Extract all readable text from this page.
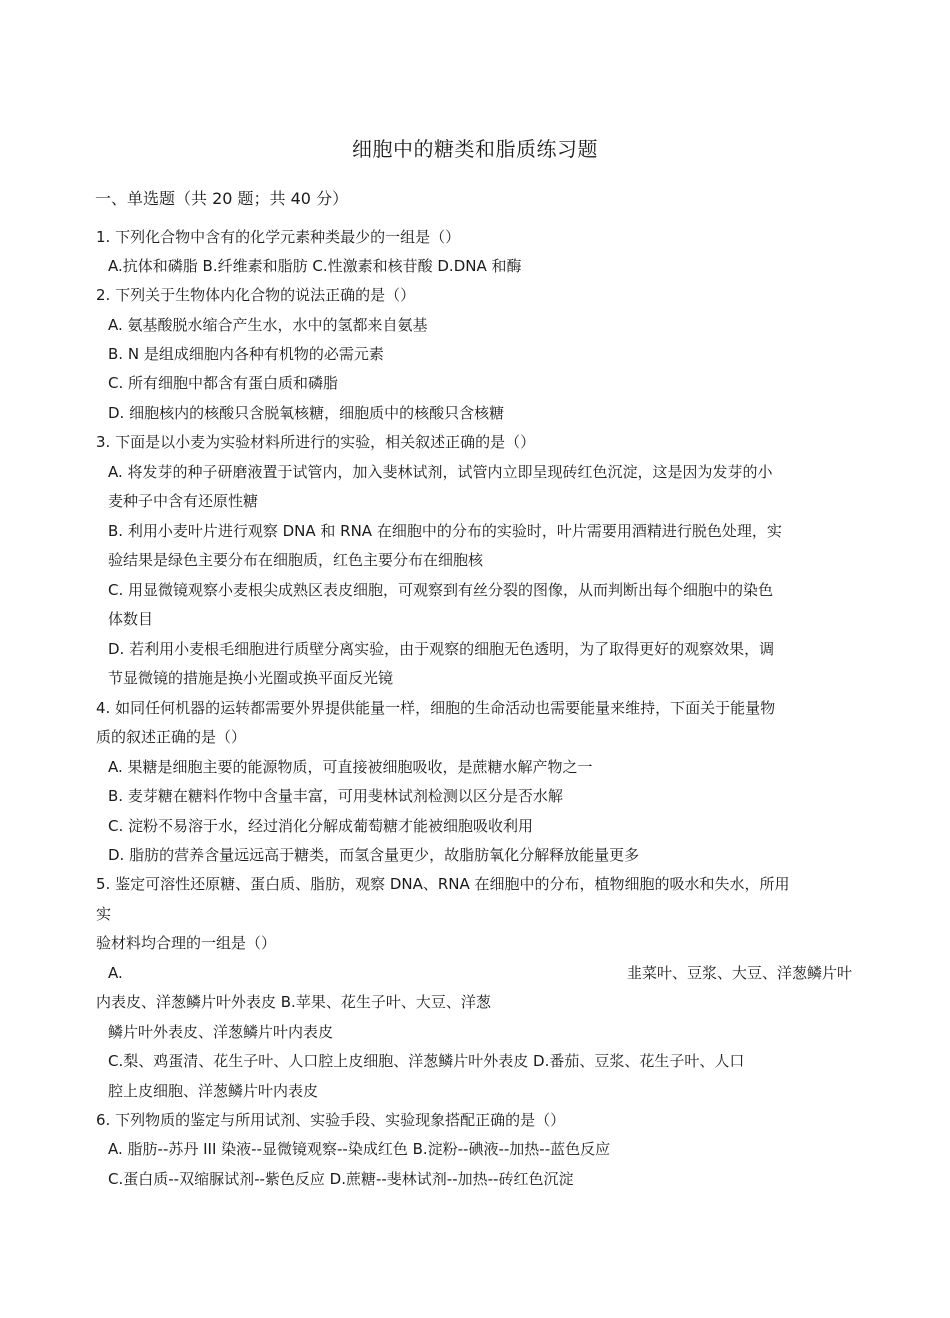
细胞中的糖类和脂质练习题
一、单选题（共 20 题；共 40 分）
1. 下列化合物中含有的化学元素种类最少的一组是（）
A.抗体和磷脂 B.纤维素和脂肪 C.性激素和核苷酸 D.DNA 和酶
2. 下列关于生物体内化合物的说法正确的是（）
A. 氨基酸脱水缩合产生水，水中的氢都来自氨基
B. N 是组成细胞内各种有机物的必需元素
C. 所有细胞中都含有蛋白质和磷脂
D. 细胞核内的核酸只含脱氧核糖，细胞质中的核酸只含核糖
3. 下面是以小麦为实验材料所进行的实验，相关叙述正确的是（）
A. 将发芽的种子研磨液置于试管内，加入斐林试剂，试管内立即呈现砖红色沉淀，这是因为发芽的小
麦种子中含有还原性糖
B. 利用小麦叶片进行观察 DNA 和 RNA 在细胞中的分布的实验时，叶片需要用酒精进行脱色处理，实
验结果是绿色主要分布在细胞质，红色主要分布在细胞核
C. 用显微镜观察小麦根尖成熟区表皮细胞，可观察到有丝分裂的图像，从而判断出每个细胞中的染色
体数目
D. 若利用小麦根毛细胞进行质壁分离实验，由于观察的细胞无色透明，为了取得更好的观察效果，调
节显微镜的措施是换小光圈或换平面反光镜
4. 如同任何机器的运转都需要外界提供能量一样，细胞的生命活动也需要能量来维持，下面关于能量物
质的叙述正确的是（）
A. 果糖是细胞主要的能源物质，可直接被细胞吸收，是蔗糖水解产物之一
B. 麦芽糖在糖料作物中含量丰富，可用斐林试剂检测以区分是否水解
C. 淀粉不易溶于水，经过消化分解成葡萄糖才能被细胞吸收利用
D. 脂肪的营养含量远远高于糖类，而氢含量更少，故脂肪氧化分解释放能量更多
5. 鉴定可溶性还原糖、蛋白质、脂肪，观察 DNA、RNA 在细胞中的分布，植物细胞的吸水和失水，所用
实
验材料均合理的一组是（）
A.	韭菜叶、豆浆、大豆、洋葱鳞片叶
内表皮、洋葱鳞片叶外表皮 B.苹果、花生子叶、大豆、洋葱
鳞片叶外表皮、洋葱鳞片叶内表皮
C.梨、鸡蛋清、花生子叶、人口腔上皮细胞、洋葱鳞片叶外表皮 D.番茄、豆浆、花生子叶、人口
腔上皮细胞、洋葱鳞片叶内表皮
6. 下列物质的鉴定与所用试剂、实验手段、实验现象搭配正确的是（）
A. 脂肪--苏丹 III 染液--显微镜观察--染成红色 B.淀粉--碘液--加热--蓝色反应
C.蛋白质--双缩脲试剂--紫色反应 D.蔗糖--斐林试剂--加热--砖红色沉淀
